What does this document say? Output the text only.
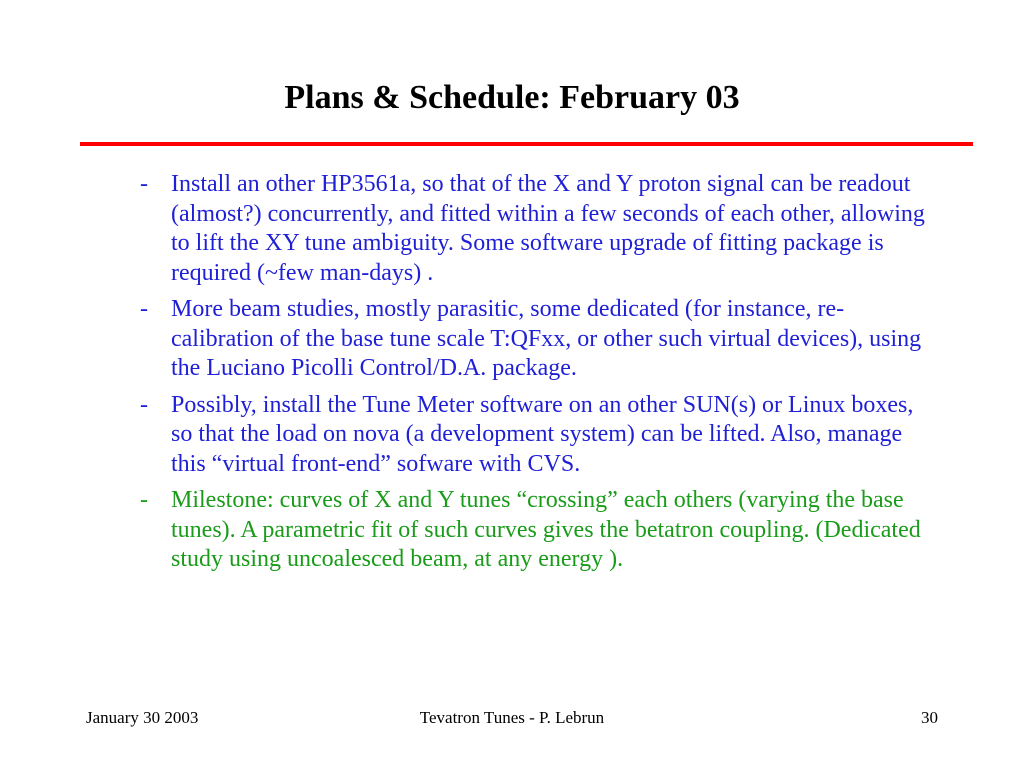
Plans & Schedule: February 03
- Install an other HP3561a, so that of the X and Y proton signal can be readout (almost?) concurrently, and fitted within a few seconds of each other, allowing to lift the XY tune ambiguity. Some software upgrade of fitting package is required (~few man-days) .
- More beam studies, mostly parasitic, some dedicated (for instance, re-calibration of the base tune scale T:QFxx, or other such virtual devices), using the Luciano Picolli Control/D.A. package.
- Possibly, install the Tune Meter software on an other SUN(s) or Linux boxes, so that the load on nova (a development system) can be lifted. Also, manage this “virtual front-end” sofware with CVS.
- Milestone: curves of X and Y tunes “crossing” each others (varying the base tunes). A parametric fit of such curves gives the betatron coupling. (Dedicated study using uncoalesced beam, at any energy ).
January 30 2003	Tevatron Tunes - P. Lebrun	30
